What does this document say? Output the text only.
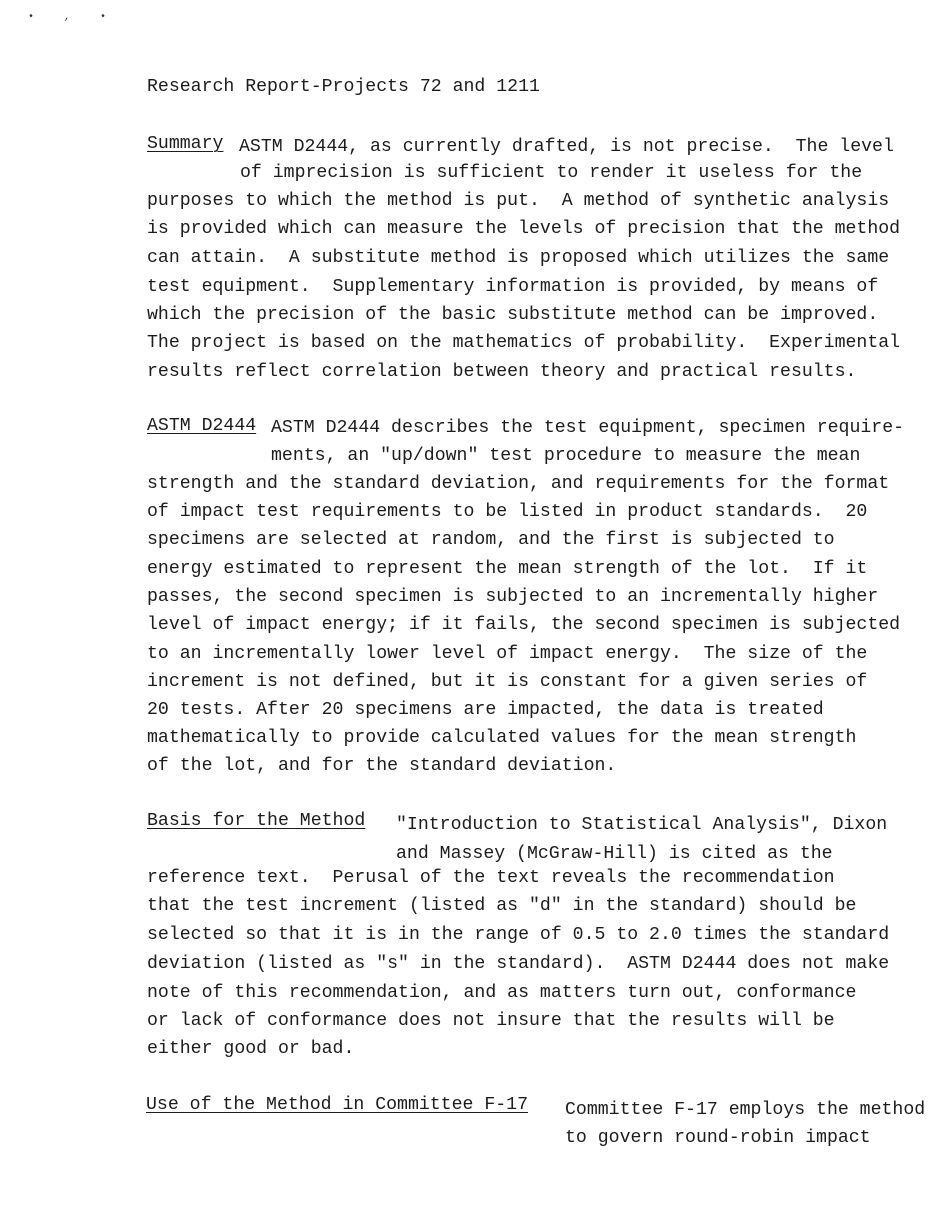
•,•
Research Report-Projects 72 and 1211
Summary ASTM D2444, as currently drafted, is not precise.  The level
of imprecision is sufficient to render it useless for the
purposes to which the method is put.  A method of synthetic analysis
is provided which can measure the levels of precision that the method
can attain.  A substitute method is proposed which utilizes the same
test equipment.  Supplementary information is provided, by means of
which the precision of the basic substitute method can be improved.
The project is based on the mathematics of probability.  Experimental
results reflect correlation between theory and practical results.
ASTM D2444 ASTM D2444 describes the test equipment, specimen require-
ments, an "up/down" test procedure to measure the mean
strength and the standard deviation, and requirements for the format
of impact test requirements to be listed in product standards.  20
specimens are selected at random, and the first is subjected to
energy estimated to represent the mean strength of the lot.  If it
passes, the second specimen is subjected to an incrementally higher
level of impact energy; if it fails, the second specimen is subjected
to an incrementally lower level of impact energy.  The size of the
increment is not defined, but it is constant for a given series of
20 tests. After 20 specimens are impacted, the data is treated
mathematically to provide calculated values for the mean strength
of the lot, and for the standard deviation.
Basis for the Method "Introduction to Statistical Analysis", Dixon
and Massey (McGraw-Hill) is cited as the
reference text.  Perusal of the text reveals the recommendation
that the test increment (listed as "d" in the standard) should be
selected so that it is in the range of 0.5 to 2.0 times the standard
deviation (listed as "s" in the standard).  ASTM D2444 does not make
note of this recommendation, and as matters turn out, conformance
or lack of conformance does not insure that the results will be
either good or bad.
Use of the Method in Committee F-17 Committee F-17 employs the method
to govern round-robin impact
